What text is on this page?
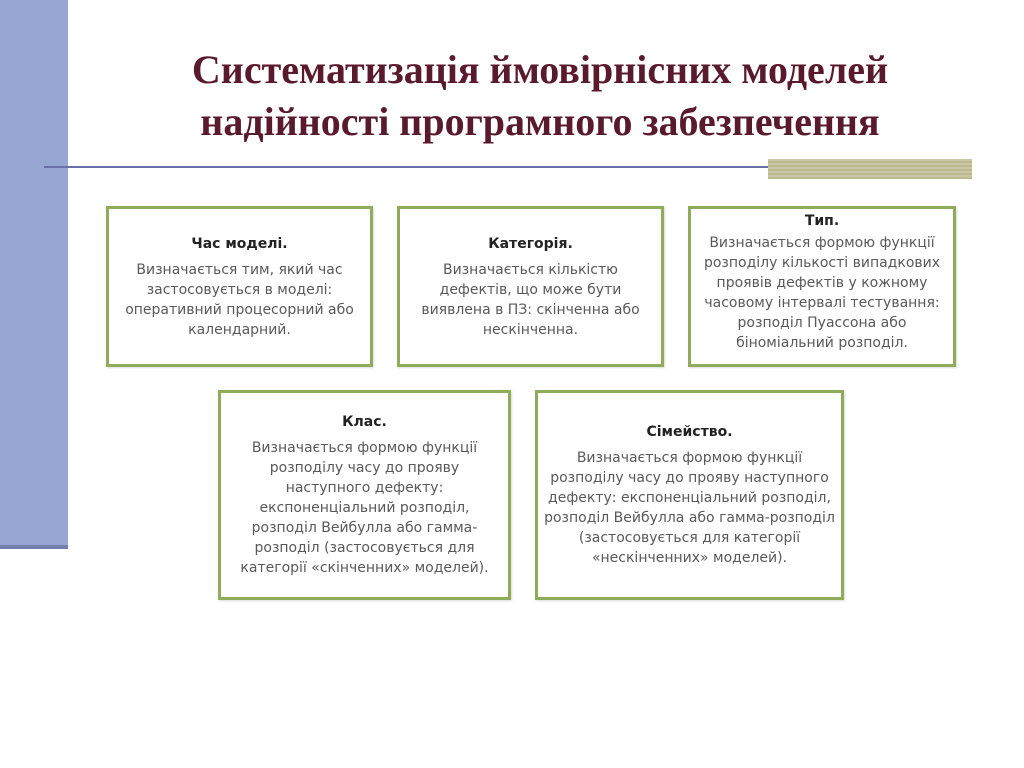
Систематизація ймовірнісних моделей
надійності програмного забезпечення
Час моделі.
Визначається тим, який час застосовується в моделі: оперативний процесорний або календарний.
Категорія.
Визначається кількістю дефектів, що може бути виявлена в ПЗ: скінченна або нескінченна.
Тип.
Визначається формою функції розподілу кількості випадкових проявів дефектів у кожному часовому інтервалі тестування: розподіл Пуассона або біноміальний розподіл.
Клас.
Визначається формою функції розподілу часу до прояву наступного дефекту: експоненціальний розподіл, розподіл Вейбулла або гамма-розподіл (застосовується для категорії «скінченних» моделей).
Сімейство.
Визначається формою функції розподілу часу до прояву наступного дефекту: експоненціальний розподіл, розподіл Вейбулла або гамма-розподіл (застосовується для категорії «нескінченних» моделей).
